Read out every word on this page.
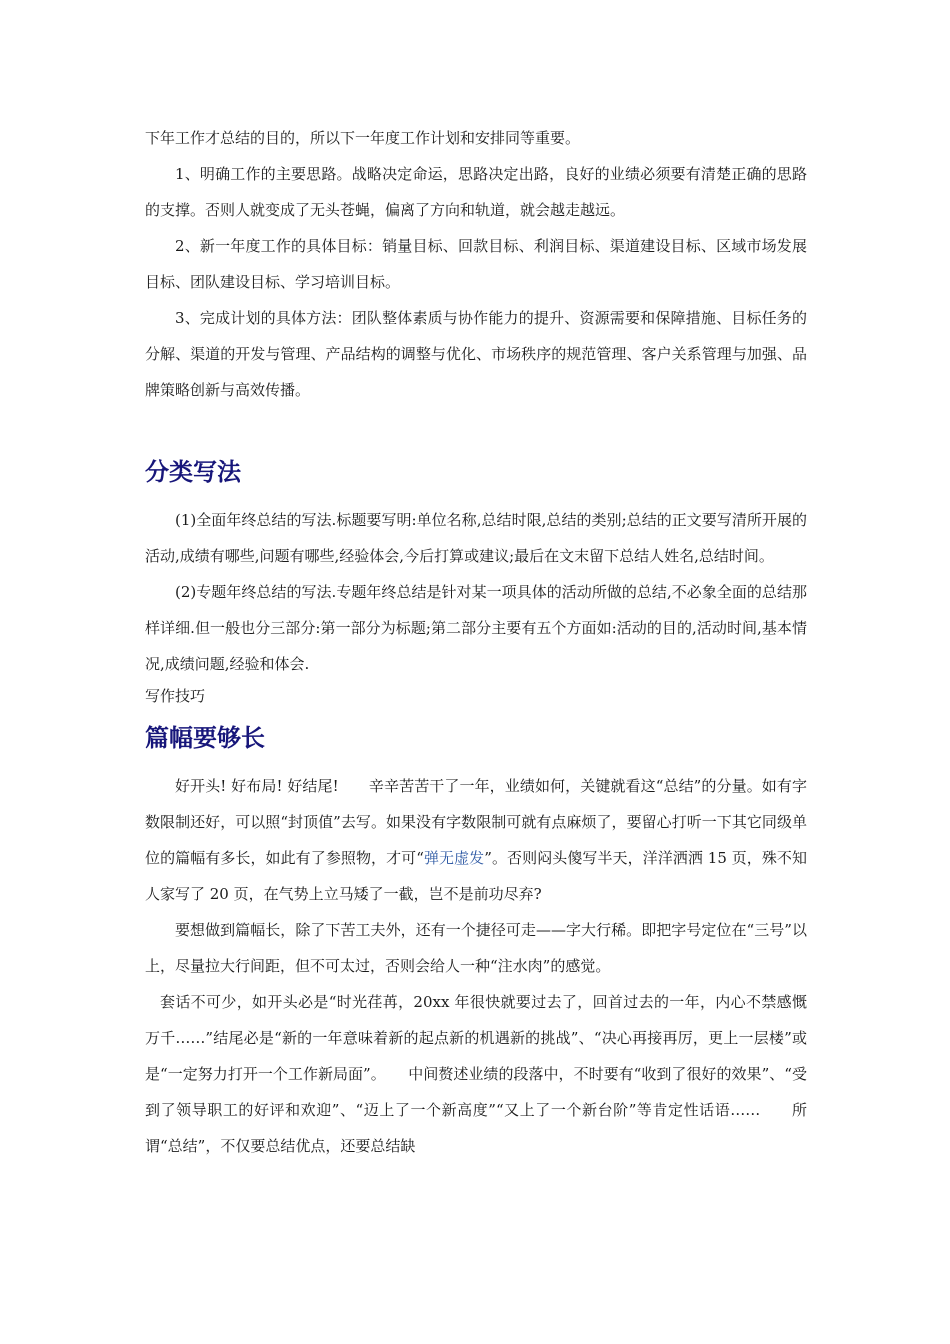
下年工作才总结的目的，所以下一年度工作计划和安排同等重要。

1、明确工作的主要思路。战略决定命运，思路决定出路，良好的业绩必须要有清楚正确的思路的支撑。否则人就变成了无头苍蝇，偏离了方向和轨道，就会越走越远。

2、新一年度工作的具体目标：销量目标、回款目标、利润目标、渠道建设目标、区域市场发展目标、团队建设目标、学习培训目标。

3、完成计划的具体方法：团队整体素质与协作能力的提升、资源需要和保障措施、目标任务的分解、渠道的开发与管理、产品结构的调整与优化、市场秩序的规范管理、客户关系管理与加强、品牌策略创新与高效传播。

分类写法

(1)全面年终总结的写法.标题要写明:单位名称,总结时限,总结的类别;总结的正文要写清所开展的活动,成绩有哪些,问题有哪些,经验体会,今后打算或建议;最后在文末留下总结人姓名,总结时间。

(2)专题年终总结的写法.专题年终总结是针对某一项具体的活动所做的总结,不必象全面的总结那样详细.但一般也分三部分:第一部分为标题;第二部分主要有五个方面如:活动的目的,活动时间,基本情况,成绩问题,经验和体会.

写作技巧

篇幅要够长

好开头! 好布局! 好结尾!　　辛辛苦苦干了一年，业绩如何，关键就看这“总结”的分量。如有字数限制还好，可以照“封顶值”去写。如果没有字数限制可就有点麻烦了，要留心打听一下其它同级单位的篇幅有多长，如此有了参照物，才可“弹无虚发”。否则闷头傻写半天，洋洋洒洒 15 页，殊不知人家写了 20 页，在气势上立马矮了一截，岂不是前功尽弃?

要想做到篇幅长，除了下苦工夫外，还有一个捷径可走——字大行稀。即把字号定位在“三号”以上，尽量拉大行间距，但不可太过，否则会给人一种“注水肉”的感觉。

套话不可少，如开头必是“时光荏苒，20xx 年很快就要过去了，回首过去的一年，内心不禁感慨万千……”结尾必是“新的一年意味着新的起点新的机遇新的挑战”、“决心再接再厉，更上一层楼”或是“一定努力打开一个工作新局面”。　　中间赘述业绩的段落中，不时要有“收到了很好的效果”、“受到了领导职工的好评和欢迎”、“迈上了一个新高度”“又上了一个新台阶”等肯定性话语……　　所谓“总结”，不仅要总结优点，还要总结缺
